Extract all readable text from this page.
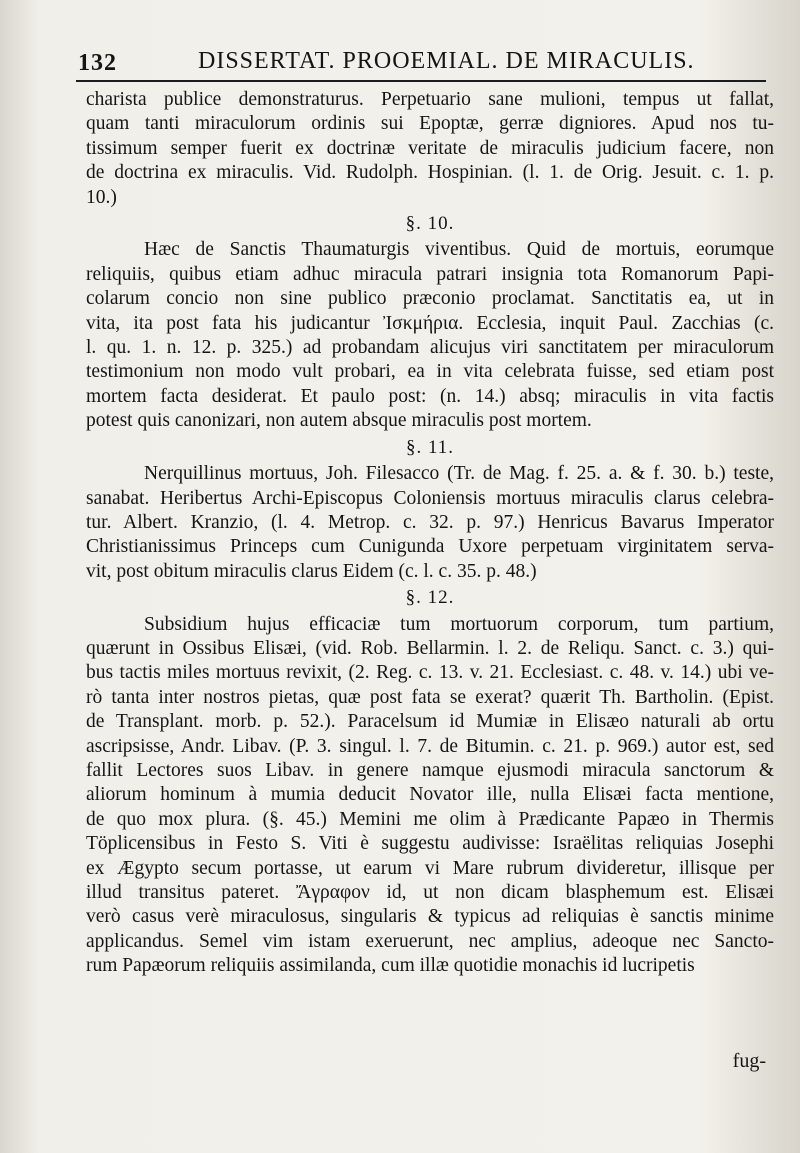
132	DISSERTAT. PROOEMIAL. DE MIRACULIS.
charista publice demonstraturus. Perpetuario sane mulioni, tempus ut fallat,
quam tanti miraculorum ordinis sui Epoptæ, gerræ digniores. Apud nos tu-
tissimum semper fuerit ex doctrinæ veritate de miraculis judicium facere, non
de doctrina ex miraculis. Vid. Rudolph. Hospinian. (l. 1. de Orig. Jesuit. c. 1. p.
10.)
§. 10.
Hæc de Sanctis Thaumaturgis viventibus. Quid de mortuis, eorumque
reliquiis, quibus etiam adhuc miracula patrari insignia tota Romanorum Papi-
colarum concio non sine publico præconio proclamat. Sanctitatis ea, ut in
vita, ita post fata his judicantur Ἰσκμήρια. Ecclesia, inquit Paul. Zacchias (c.
l. qu. 1. n. 12. p. 325.) ad probandam alicujus viri sanctitatem per miraculorum
testimonium non modo vult probari, ea in vita celebrata fuisse, sed etiam post
mortem facta desiderat. Et paulo post: (n. 14.) absq; miraculis in vita factis
potest quis canonizari, non autem absque miraculis post mortem.
§. 11.
Nerquillinus mortuus, Joh. Filesacco (Tr. de Mag. f. 25. a. & f. 30. b.) teste,
sanabat. Heribertus Archi-Episcopus Coloniensis mortuus miraculis clarus celebra-
tur. Albert. Kranzio, (l. 4. Metrop. c. 32. p. 97.) Henricus Bavarus Imperator
Christianissimus Princeps cum Cunigunda Uxore perpetuam virginitatem serva-
vit, post obitum miraculis clarus Eidem (c. l. c. 35. p. 48.)
§. 12.
Subsidium hujus efficaciæ tum mortuorum corporum, tum partium,
quærunt in Ossibus Elisæi, (vid. Rob. Bellarmin. l. 2. de Reliqu. Sanct. c. 3.) qui-
bus tactis miles mortuus revixit, (2. Reg. c. 13. v. 21. Ecclesiast. c. 48. v. 14.) ubi ve-
rò tanta inter nostros pietas, quæ post fata se exerat? quærit Th. Bartholin. (Epist.
de Transplant. morb. p. 52.). Paracelsum id Mumiæ in Elisæo naturali ab ortu
ascripsisse, Andr. Libav. (P. 3. singul. l. 7. de Bitumin. c. 21. p. 969.) autor est, sed
fallit Lectores suos Libav. in genere namque ejusmodi miracula sanctorum &
aliorum hominum à mumia deducit Novator ille, nulla Elisæi facta mentione,
de quo mox plura. (§. 45.) Memini me olim à Prædicante Papæo in Thermis
Töplicensibus in Festo S. Viti è suggestu audivisse: Israëlitas reliquias Josephi
ex Ægypto secum portasse, ut earum vi Mare rubrum divideretur, illisque per
illud transitus pateret. Ἄγραφον id, ut non dicam blasphemum est. Elisæi
verò casus verè miraculosus, singularis & typicus ad reliquias è sanctis minime
applicandus. Semel vim istam exeruerunt, nec amplius, adeoque nec Sancto-
rum Papæorum reliquiis assimilanda, cum illæ quotidie monachis id lucripetis
fug-
